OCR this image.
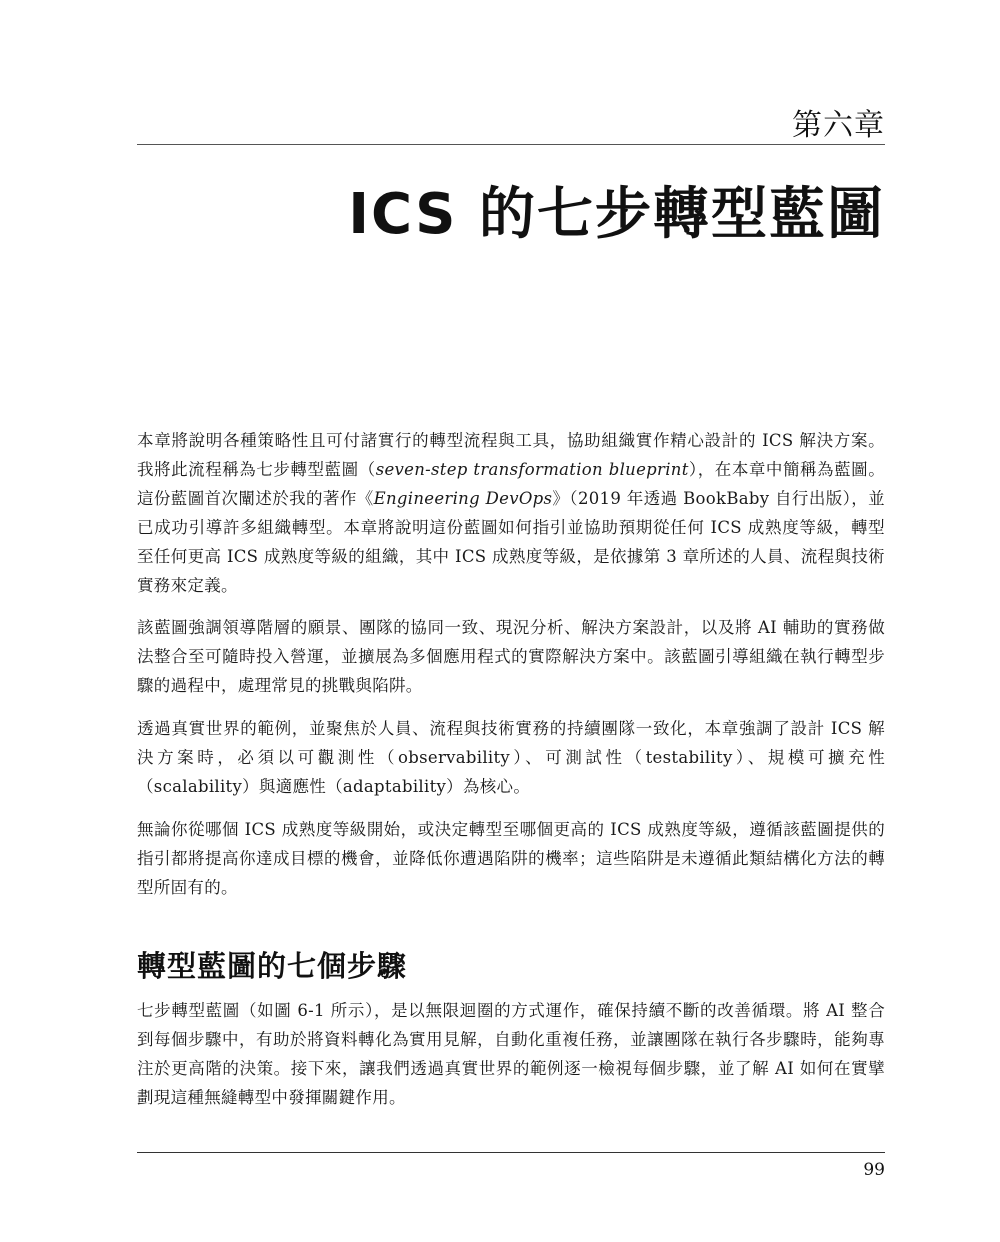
第六章
ICS 的七步轉型藍圖

本章將說明各種策略性且可付諸實行的轉型流程與工具，協助組織實作精心設計的 ICS 解決方案。我將此流程稱為七步轉型藍圖（seven-step transformation blueprint），在本章中簡稱為藍圖。這份藍圖首次闡述於我的著作《Engineering DevOps》（2019 年透過 BookBaby 自行出版），並已成功引導許多組織轉型。本章將說明這份藍圖如何指引並協助預期從任何 ICS 成熟度等級，轉型至任何更高 ICS 成熟度等級的組織，其中 ICS 成熟度等級，是依據第 3 章所述的人員、流程與技術實務來定義。

該藍圖強調領導階層的願景、團隊的協同一致、現況分析、解決方案設計，以及將 AI 輔助的實務做法整合至可隨時投入營運，並擴展為多個應用程式的實際解決方案中。該藍圖引導組織在執行轉型步驟的過程中，處理常見的挑戰與陷阱。

透過真實世界的範例，並聚焦於人員、流程與技術實務的持續團隊一致化，本章強調了設計 ICS 解決方案時，必須以可觀測性（observability）、可測試性（testability）、規模可擴充性（scalability）與適應性（adaptability）為核心。

無論你從哪個 ICS 成熟度等級開始，或決定轉型至哪個更高的 ICS 成熟度等級，遵循該藍圖提供的指引都將提高你達成目標的機會，並降低你遭遇陷阱的機率；這些陷阱是未遵循此類結構化方法的轉型所固有的。

轉型藍圖的七個步驟

七步轉型藍圖（如圖 6-1 所示），是以無限迴圈的方式運作，確保持續不斷的改善循環。將 AI 整合到每個步驟中，有助於將資料轉化為實用見解，自動化重複任務，並讓團隊在執行各步驟時，能夠專注於更高階的決策。接下來，讓我們透過真實世界的範例逐一檢視每個步驟，並了解 AI 如何在實擘劃現這種無縫轉型中發揮關鍵作用。

99
